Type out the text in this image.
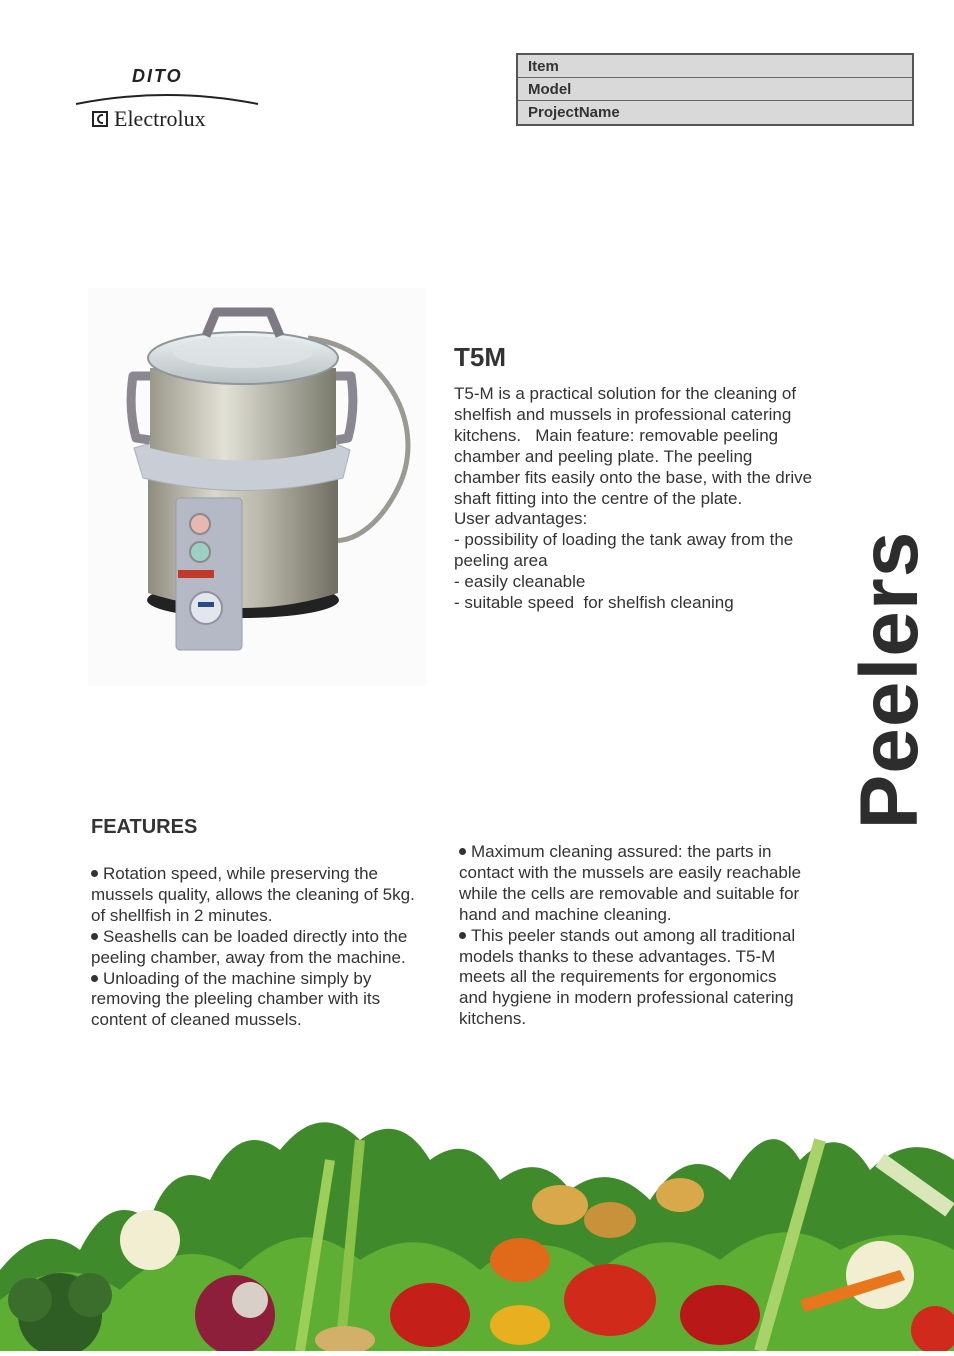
DITO
Electrolux
Item
Model
ProjectName
T5M
T5-M is a practical solution for the cleaning of shelfish and mussels in professional catering kitchens.   Main feature: removable peeling chamber and peeling plate. The peeling chamber fits easily onto the base, with the drive shaft fitting into the centre of the plate.
User advantages:
- possibility of loading the tank away from the peeling area
- easily cleanable
- suitable speed  for shelfish cleaning	Peelers
FEATURES
Rotation speed, while preserving the mussels quality, allows the cleaning of 5kg. of shellfish in 2 minutes.
Seashells can be loaded directly into the peeling chamber, away from the machine.
Unloading of the machine simply by removing the pleeling chamber with its content of cleaned mussels.
Maximum cleaning assured: the parts in contact with the mussels are easily reachable while the cells are removable and suitable for hand and machine cleaning.
This peeler stands out among all traditional models thanks to these advantages. T5-M meets all the requirements for ergonomics and hygiene in modern professional catering kitchens.
